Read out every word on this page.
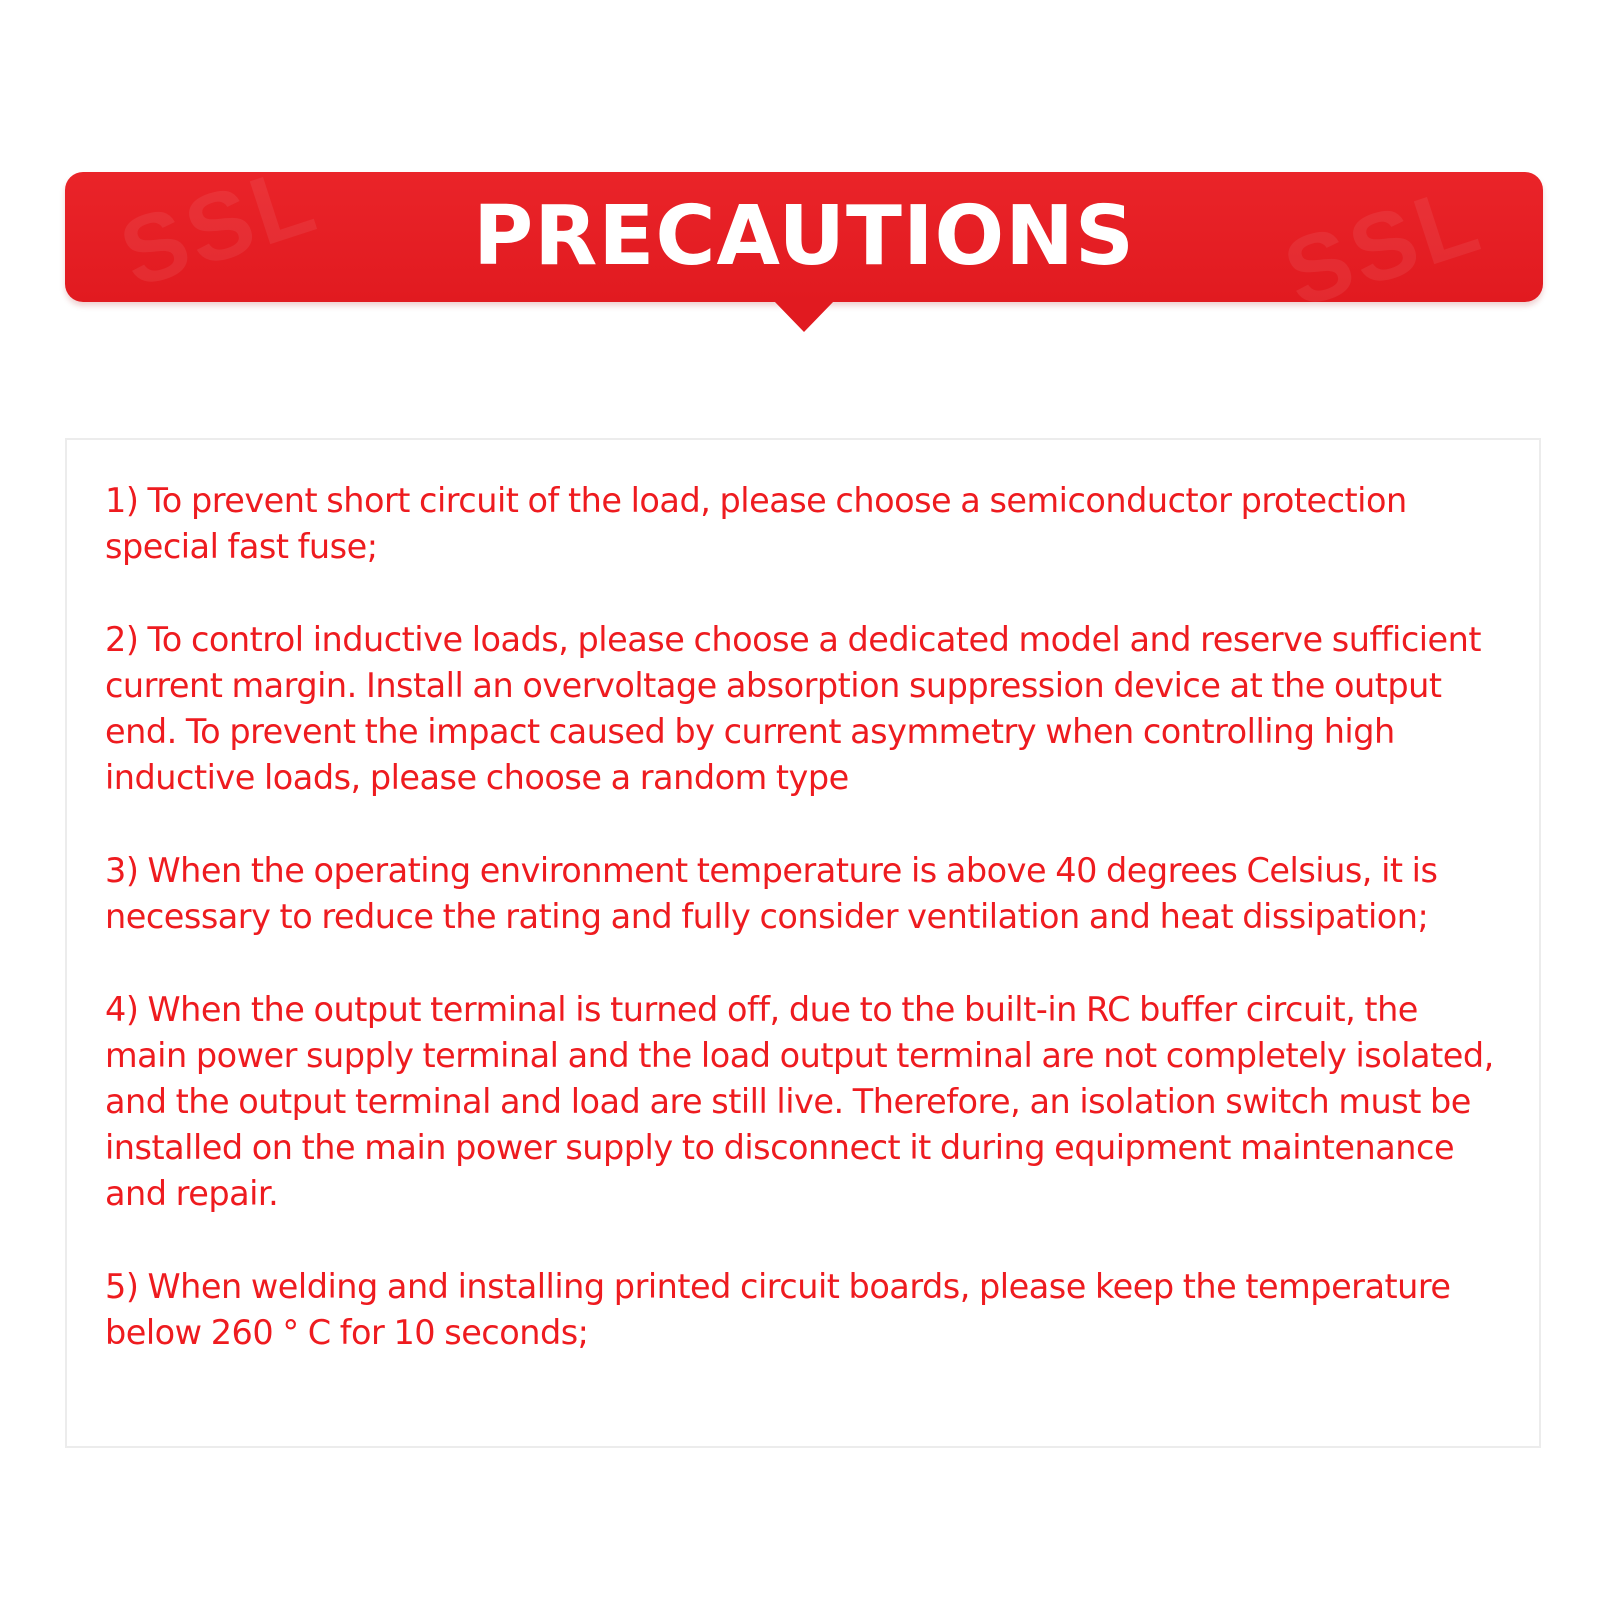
SSL	SSL
PRECAUTIONS

1) To prevent short circuit of the load, please choose a semiconductor protection special fast fuse;

2) To control inductive loads, please choose a dedicated model and reserve sufficient current margin. Install an overvoltage absorption suppression device at the output end. To prevent the impact caused by current asymmetry when controlling high inductive loads, please choose a random type

3) When the operating environment temperature is above 40 degrees Celsius, it is necessary to reduce the rating and fully consider ventilation and heat dissipation;

4) When the output terminal is turned off, due to the built-in RC buffer circuit, the main power supply terminal and the load output terminal are not completely isolated, and the output terminal and load are still live. Therefore, an isolation switch must be installed on the main power supply to disconnect it during equipment maintenance and repair.

5) When welding and installing printed circuit boards, please keep the temperature below 260 ° C for 10 seconds;
